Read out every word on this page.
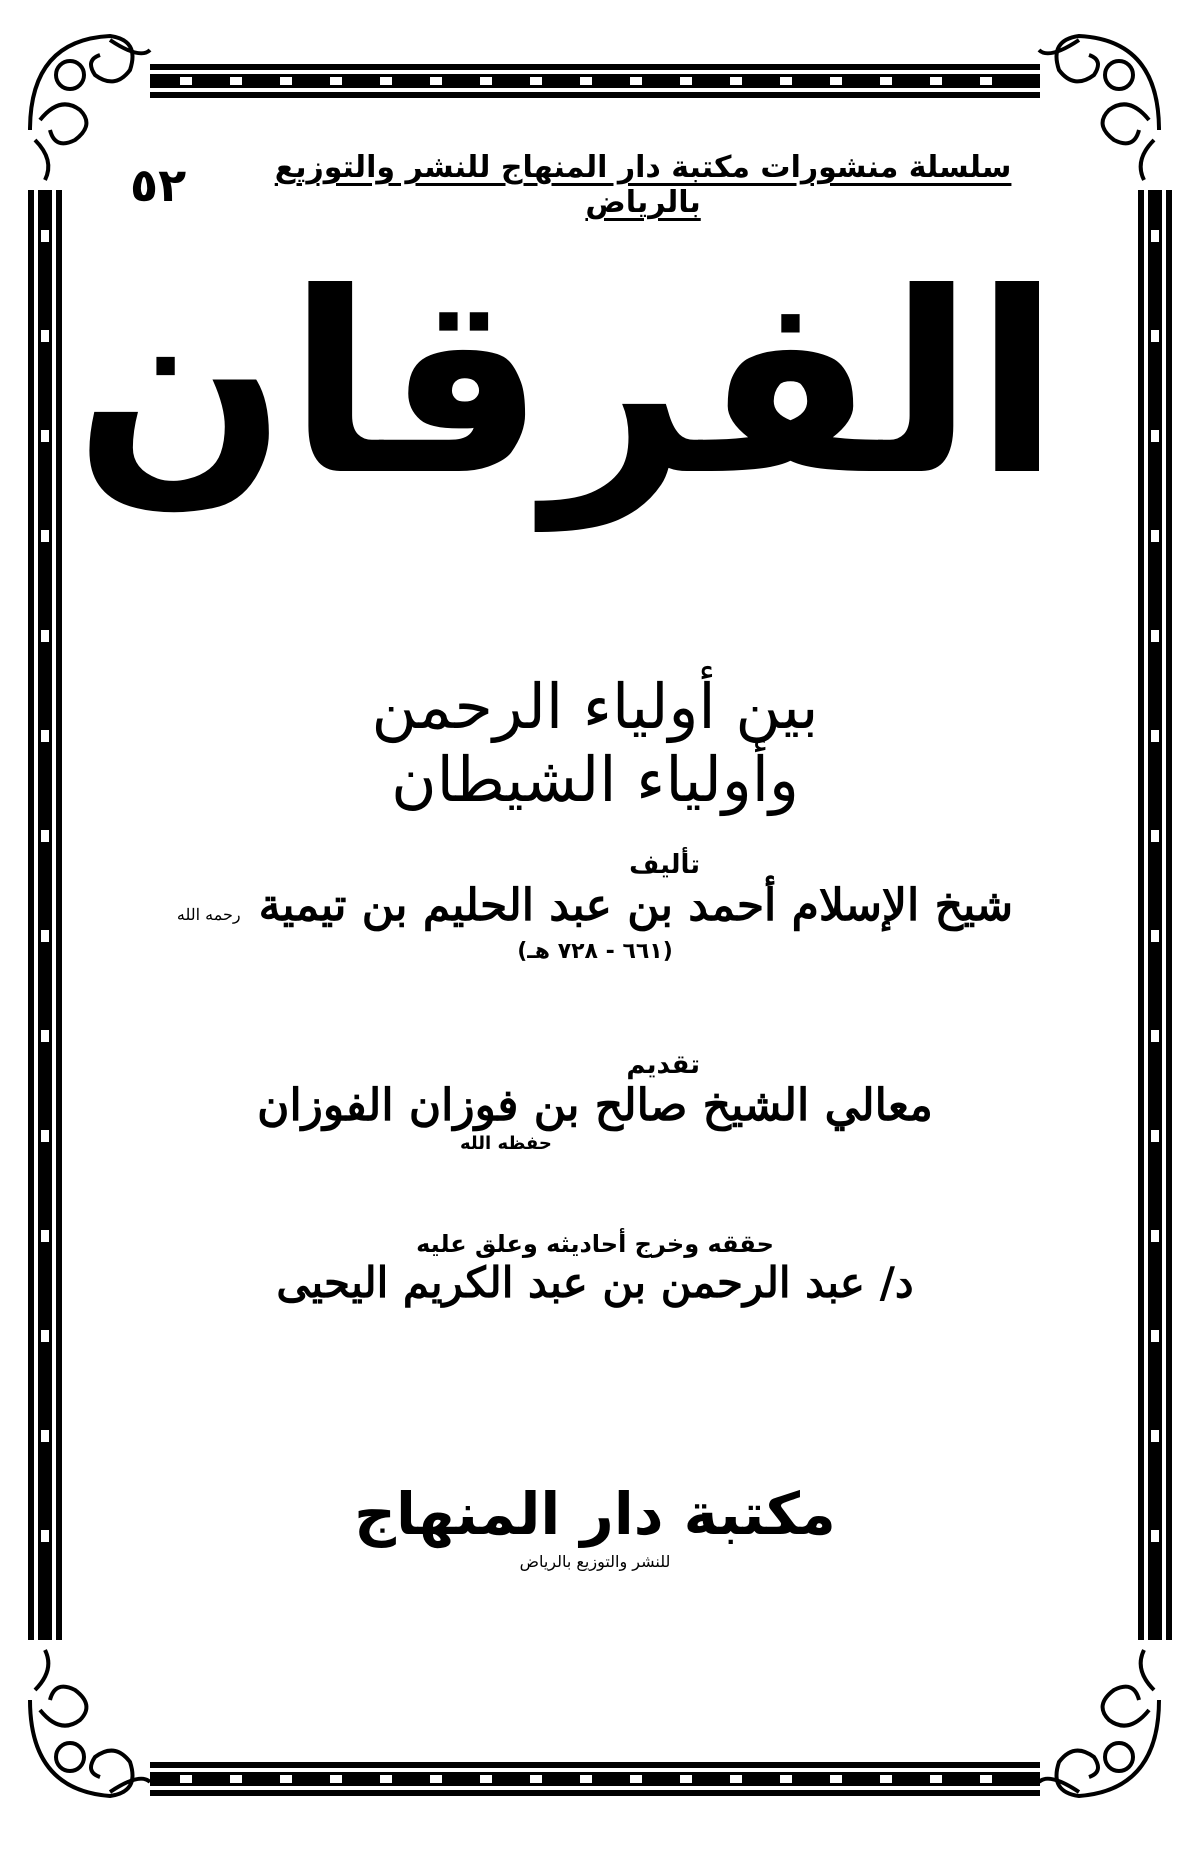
سلسلة منشورات مكتبة دار المنهاج للنشر والتوزيع بالرياض
٥٢
الفرقان
بين أولياء الرحمن
وأولياء الشيطان
تأليف
شيخ الإسلام أحمد بن عبد الحليم بن تيمية
رحمه الله
(٦٦١ - ٧٢٨ هـ)
تقديم
معالي الشيخ صالح بن فوزان الفوزان
حفظه الله
حققه وخرج أحاديثه وعلق عليه
د/ عبد الرحمن بن عبد الكريم اليحيى
مكتبة دار المنهاج
للنشر والتوزيع بالرياض
